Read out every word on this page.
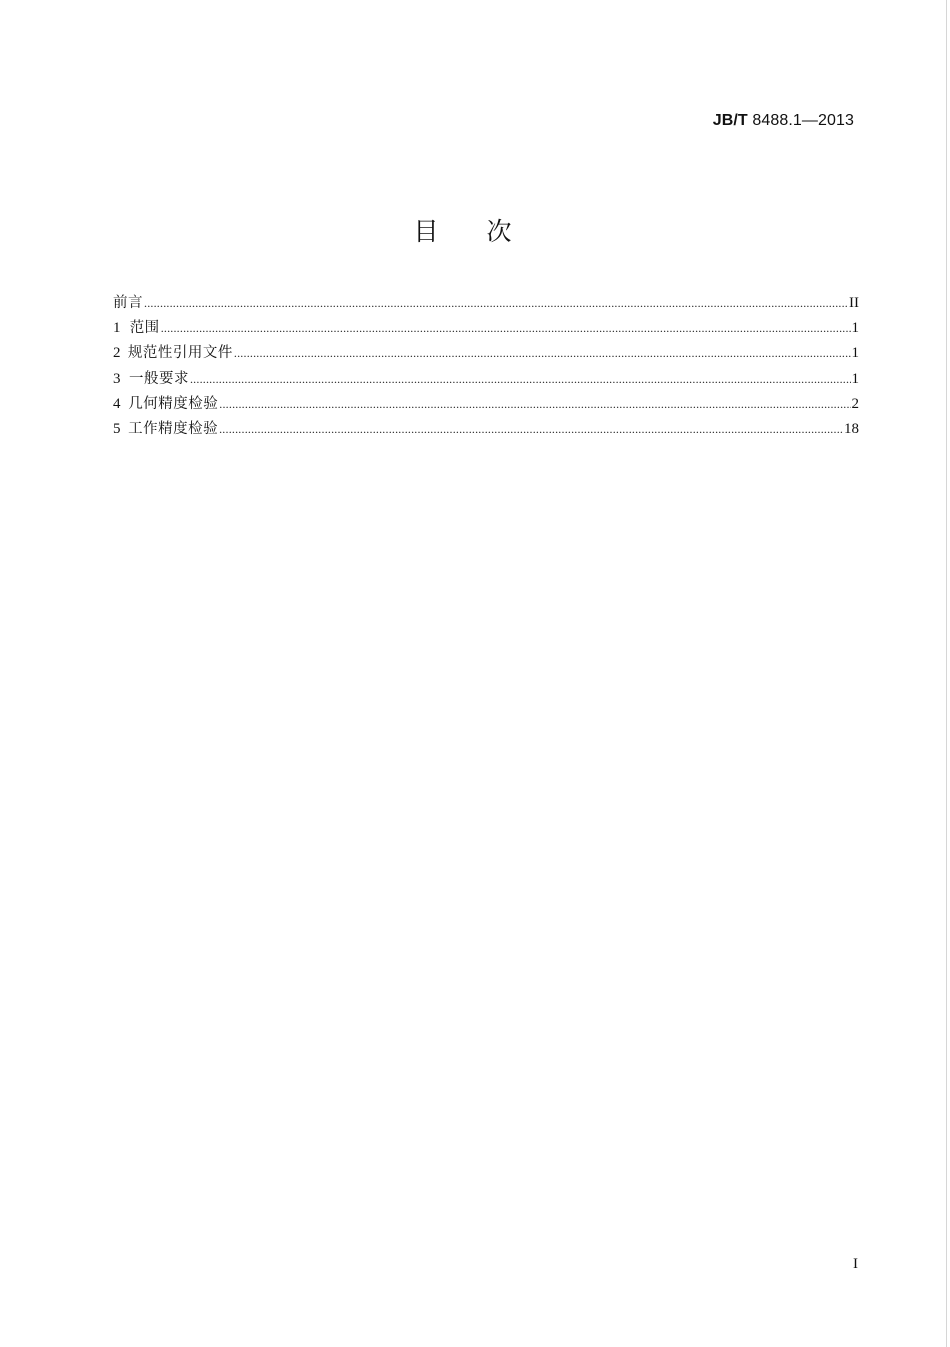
JB/T 8488.1—2013
目次
前言 .....	II
1 范围 .....	1
2 规范性引用文件 .....	1
3 一般要求 .....	1
4 几何精度检验 .....	2
5 工作精度检验 .....	18
I
